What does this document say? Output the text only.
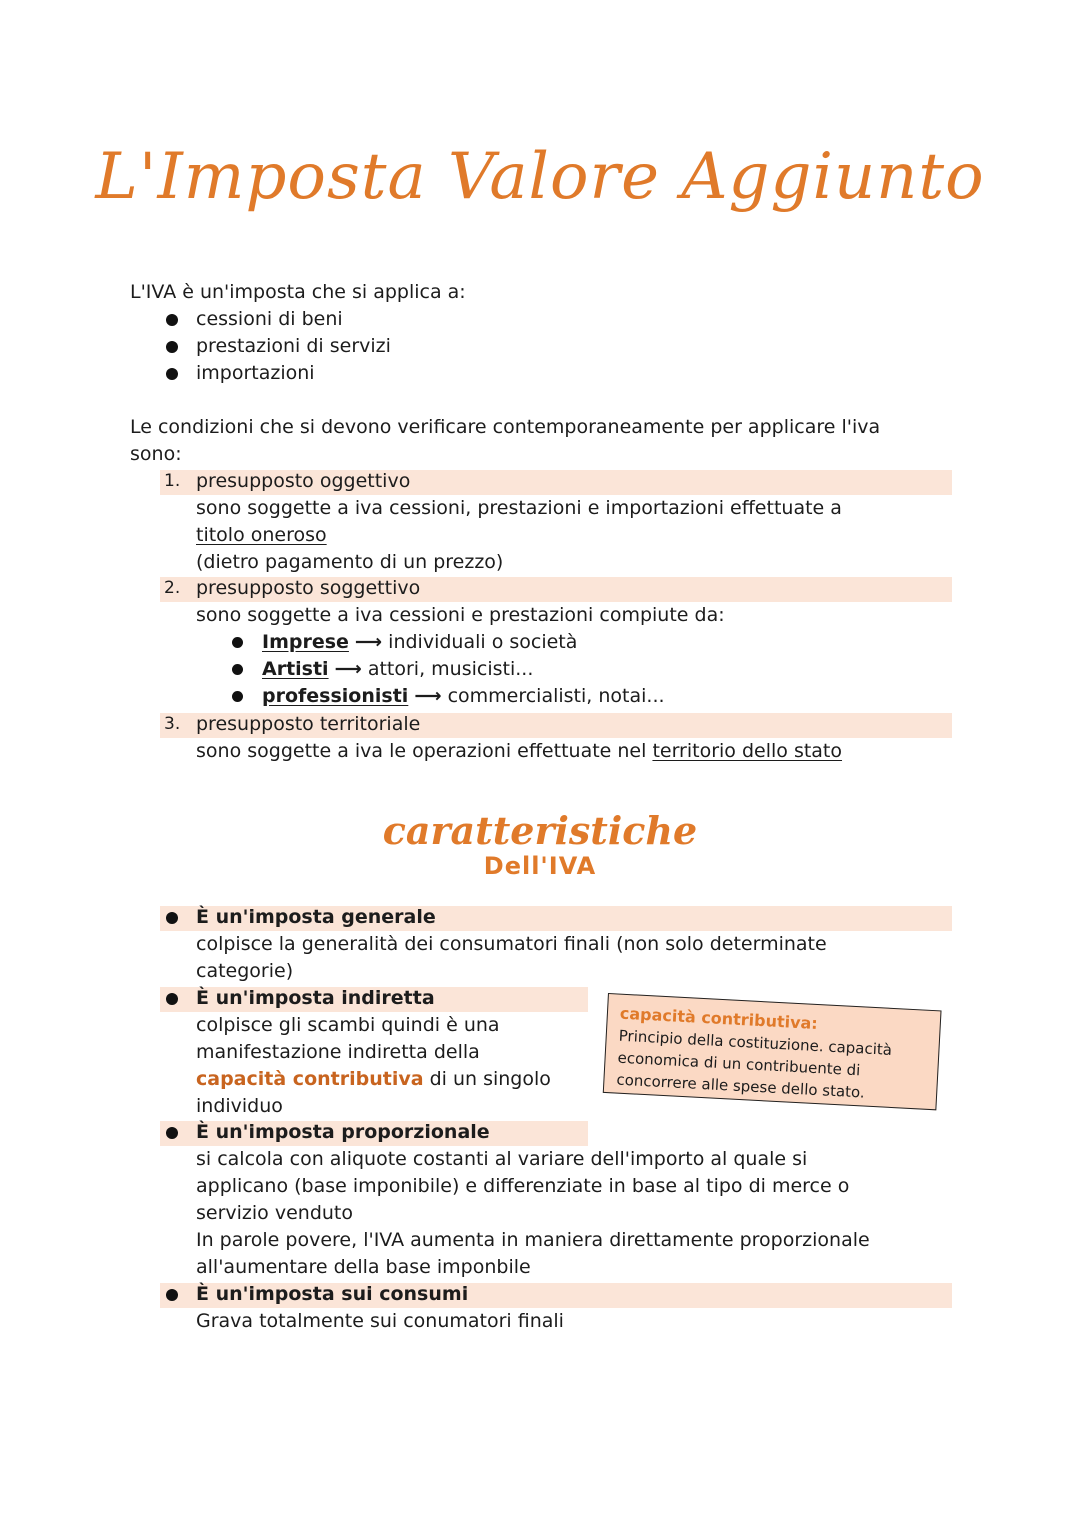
L'Imposta Valore Aggiunto
L'IVA è un'imposta che si applica a:
cessioni di beni
prestazioni di servizi
importazioni
Le condizioni che si devono verificare contemporaneamente per applicare l'iva
sono:
1. presupposto oggettivo
sono soggette a iva cessioni, prestazioni e importazioni effettuate a
titolo oneroso
(dietro pagamento di un prezzo)
2. presupposto soggettivo
sono soggette a iva cessioni e prestazioni compiute da:
Imprese ⟶ individuali o società
Artisti ⟶ attori, musicisti...
professionisti ⟶ commercialisti, notai...
3. presupposto territoriale
sono soggette a iva le operazioni effettuate nel territorio dello stato
caratteristiche
Dell'IVA
È un'imposta generale
colpisce la generalità dei consumatori finali (non solo determinate
categorie)
È un'imposta indiretta
colpisce gli scambi quindi è una
manifestazione indiretta della
capacità contributiva di un singolo
individuo
capacità contributiva:
Principio della costituzione. capacità economica di un contribuente di concorrere alle spese dello stato.
È un'imposta proporzionale
si calcola con aliquote costanti al variare dell'importo al quale si
applicano (base imponibile) e differenziate in base al tipo di merce o
servizio venduto
In parole povere, l'IVA aumenta in maniera direttamente proporzionale
all'aumentare della base imponbile
È un'imposta sui consumi
Grava totalmente sui conumatori finali
